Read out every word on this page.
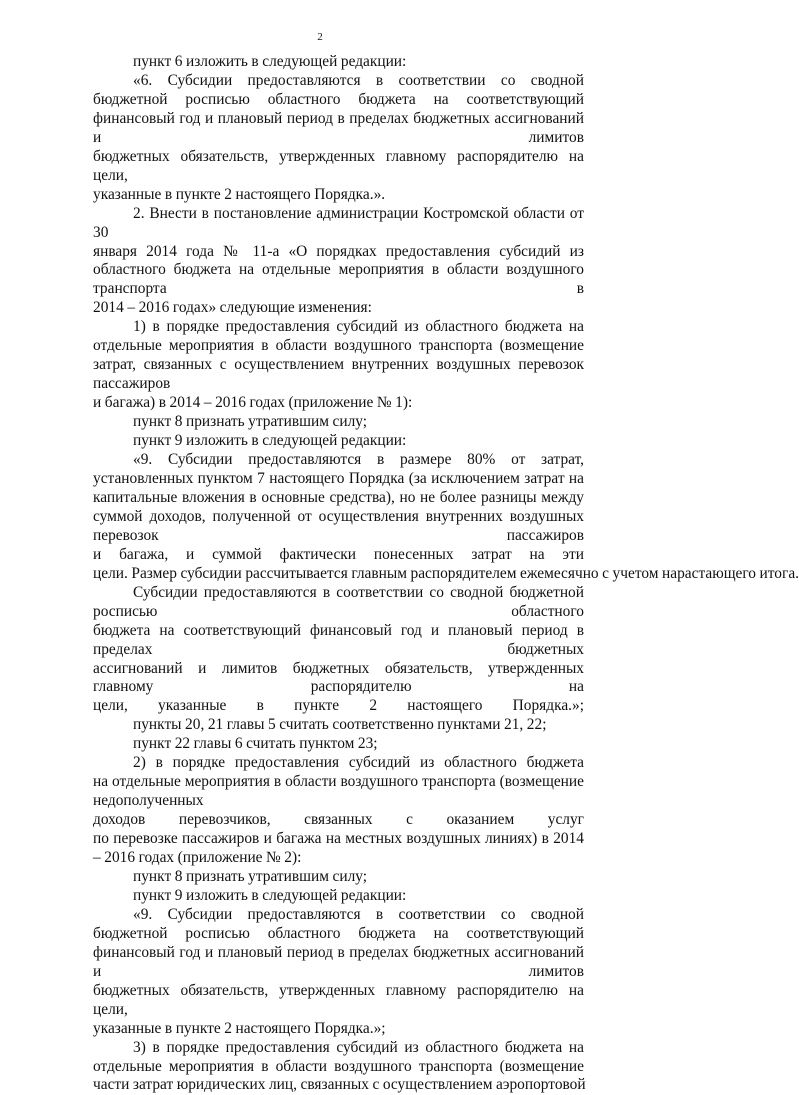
2

пункт 6 изложить в следующей редакции:

«6. Субсидии предоставляются в соответствии со сводной
бюджетной росписью областного бюджета на соответствующий
финансовый год и плановый период в пределах бюджетных ассигнований и лимитов
бюджетных обязательств, утвержденных главному распорядителю на цели,
указанные в пункте 2 настоящего Порядка.».

2. Внести в постановление администрации Костромской области от 30
января 2014 года № 11-а «О порядках предоставления субсидий из
областного бюджета на отдельные мероприятия в области воздушного транспорта в
2014 – 2016 годах» следующие изменения:

1) в порядке предоставления субсидий из областного бюджета на
отдельные мероприятия в области воздушного транспорта (возмещение
затрат, связанных с осуществлением внутренних воздушных перевозок пассажиров
и багажа) в 2014 – 2016 годах (приложение № 1):

пункт 8 признать утратившим силу;

пункт 9 изложить в следующей редакции:

«9. Субсидии предоставляются в размере 80% от затрат,
установленных пунктом 7 настоящего Порядка (за исключением затрат на
капитальные вложения в основные средства), но не более разницы между
суммой доходов, полученной от осуществления внутренних воздушных перевозок пассажиров
и багажа, и суммой фактически понесенных затрат на эти
цели. Размер субсидии рассчитывается главным распорядителем ежемесячно с учетом нарастающего итога.

Субсидии предоставляются в соответствии со сводной бюджетной росписью областного
бюджета на соответствующий финансовый год и плановый период в пределах бюджетных
ассигнований и лимитов бюджетных обязательств, утвержденных главному распорядителю на
цели, указанные в пункте 2 настоящего Порядка.»;

пункты 20, 21 главы 5 считать соответственно пунктами 21, 22;

пункт 22 главы 6 считать пунктом 23;

2) в порядке предоставления субсидий из областного бюджета
на отдельные мероприятия в области воздушного транспорта (возмещение недополученных
доходов перевозчиков, связанных с оказанием услуг
по перевозке пассажиров и багажа на местных воздушных линиях) в 2014
– 2016 годах (приложение № 2):

пункт 8 признать утратившим силу;

пункт 9 изложить в следующей редакции:

«9. Субсидии предоставляются в соответствии со сводной
бюджетной росписью областного бюджета на соответствующий
финансовый год и плановый период в пределах бюджетных ассигнований и лимитов
бюджетных обязательств, утвержденных главному распорядителю на цели,
указанные в пункте 2 настоящего Порядка.»;

3) в порядке предоставления субсидий из областного бюджета на
отдельные мероприятия в области воздушного транспорта (возмещение
части затрат юридических лиц, связанных с осуществлением аэропортовой
